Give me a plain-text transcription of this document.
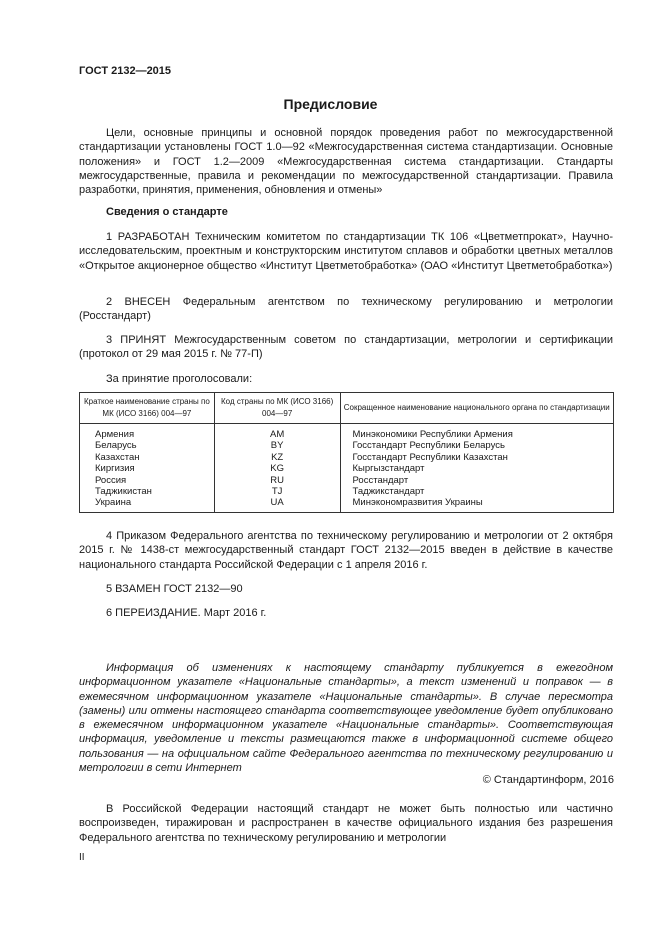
ГОСТ 2132—2015
Предисловие
Цели, основные принципы и основной порядок проведения работ по межгосударственной стандартизации установлены ГОСТ 1.0—92 «Межгосударственная система стандартизации. Основные положения» и ГОСТ 1.2—2009 «Межгосударственная система стандартизации. Стандарты межгосударственные, правила и рекомендации по межгосударственной стандартизации. Правила разработки, принятия, применения, обновления и отмены»
Сведения о стандарте
1 РАЗРАБОТАН Техническим комитетом по стандартизации ТК 106 «Цветметпрокат», Научно-исследовательским, проектным и конструкторским институтом сплавов и обработки цветных металлов «Открытое акционерное общество «Институт Цветметобработка» (ОАО «Институт Цветметобработка»)
2 ВНЕСЕН Федеральным агентством по техническому регулированию и метрологии (Росстандарт)
3 ПРИНЯТ Межгосударственным советом по стандартизации, метрологии и сертификации (протокол от 29 мая 2015 г. № 77-П)
За принятие проголосовали:
Краткое наименование страны по МК (ИСО 3166) 004—97	Код страны по МК (ИСО 3166) 004—97	Сокращенное наименование национального органа по стандартизации
Армения	AM	Минэкономики Республики Армения
Беларусь	BY	Госстандарт Республики Беларусь
Казахстан	KZ	Госстандарт Республики Казахстан
Киргизия	KG	Кыргызстандарт
Россия	RU	Росстандарт
Таджикистан	TJ	Таджикстандарт
Украина	UA	Минэкономразвития Украины
4 Приказом Федерального агентства по техническому регулированию и метрологии от 2 октября 2015 г. № 1438-ст межгосударственный стандарт ГОСТ 2132—2015 введен в действие в качестве национального стандарта Российской Федерации с 1 апреля 2016 г.
5 ВЗАМЕН ГОСТ 2132—90
6 ПЕРЕИЗДАНИЕ. Март 2016 г.
Информация об изменениях к настоящему стандарту публикуется в ежегодном информационном указателе «Национальные стандарты», а текст изменений и поправок — в ежемесячном информационном указателе «Национальные стандарты». В случае пересмотра (замены) или отмены настоящего стандарта соответствующее уведомление будет опубликовано в ежемесячном информационном указателе «Национальные стандарты». Соответствующая информация, уведомление и тексты размещаются также в информационной системе общего пользования — на официальном сайте Федерального агентства по техническому регулированию и метрологии в сети Интернет
© Стандартинформ, 2016
В Российской Федерации настоящий стандарт не может быть полностью или частично воспроизведен, тиражирован и распространен в качестве официального издания без разрешения Федерального агентства по техническому регулированию и метрологии
II
